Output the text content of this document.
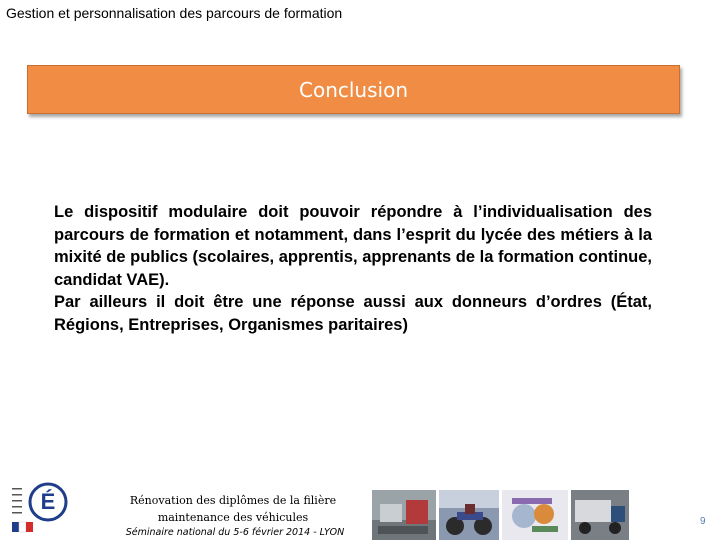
Gestion et personnalisation des parcours de formation
Conclusion

Le dispositif modulaire doit pouvoir répondre à l’individualisation des parcours de formation et notamment, dans l’esprit du lycée des métiers à la mixité de publics (scolaires, apprentis, apprenants de la formation continue, candidat VAE).

Par ailleurs il doit être une réponse aussi aux donneurs d’ordres (État, Régions, Entreprises, Organismes paritaires)

É	Rénovation des diplômes de la filière
maintenance des véhicules
Séminaire national du 5-6 février 2014 - LYON
9
